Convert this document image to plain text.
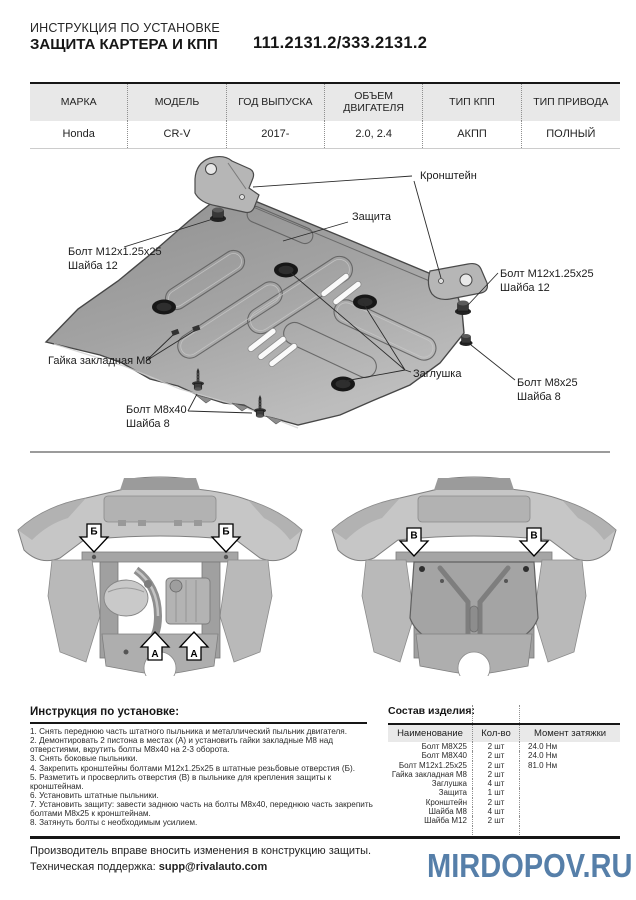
ИНСТРУКЦИЯ ПО УСТАНОВКЕ
ЗАЩИТА КАРТЕРА И КПП 111.2131.2/333.2131.2
МАРКА	МОДЕЛЬ	ГОД ВЫПУСКА	ОБЪЕМ ДВИГАТЕЛЯ	ТИП КПП	ТИП ПРИВОДА
Honda	CR-V	2017-	2.0, 2.4	АКПП	ПОЛНЫЙ
Кронштейн
Защита
Болт М12х1.25х25
Шайба 12
Болт М12х1.25х25
Шайба 12
Гайка закладная М8
Заглушка
Болт М8х25
Шайба 8
Болт М8х40
Шайба 8
Б	Б
А	А
В	В
Инструкция по установке:
1. Снять переднюю часть штатного пыльника и металлический пыльник двигателя.
2. Демонтировать 2 пистона в местах (А) и установить гайки закладные М8 над отверстиями, вкрутить болты М8х40 на 2-3 оборота.
3. Снять боковые пыльники.
4. Закрепить кронштейны болтами М12х1.25х25 в штатные резьбовые отверстия (Б).
5. Разметить и просверлить отверстия (В) в пыльнике для крепления защиты к кронштейнам.
6. Установить штатные пыльники.
7. Установить защиту: завести заднюю часть на болты М8х40, переднюю часть закрепить болтами М8х25 к кронштейнам.
8. Затянуть болты с необходимым усилием.
Состав изделия:
Наименование	Кол-во	Момент затяжки
Болт М8Х25	2 шт	24.0 Нм
Болт М8Х40	2 шт	24.0 Нм
Болт М12х1.25х25	2 шт	81.0 Нм
Гайка закладная М8	2 шт
Заглушка	4 шт
Защита	1 шт
Кронштейн	2 шт
Шайба М8	4 шт
Шайба М12	2 шт
Производитель вправе вносить изменения в конструкцию защиты.
Техническая поддержка: supp@rivalauto.com	MIRDOPOV.RU
